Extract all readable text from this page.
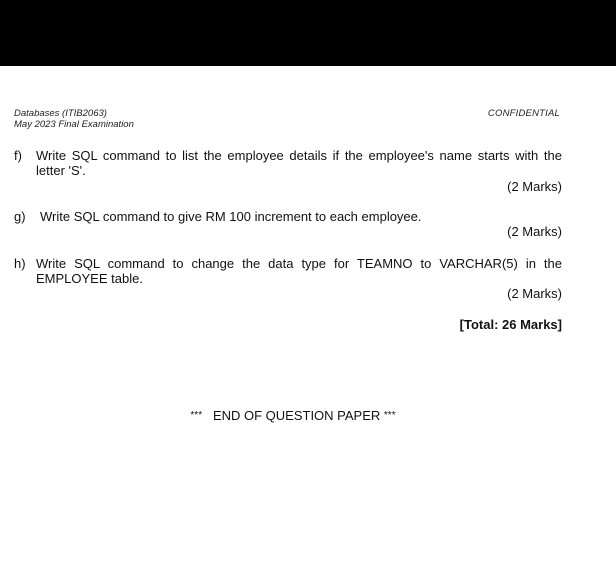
Databases (ITIB2063)
May 2023 Final Examination
CONFIDENTIAL
f) Write SQL command to list the employee details if the employee's name starts with the letter 'S'.
(2 Marks)
g) Write SQL command to give RM 100 increment to each employee.
(2 Marks)
h) Write SQL command to change the data type for TEAMNO to VARCHAR(5) in the EMPLOYEE table.
(2 Marks)
[Total: 26 Marks]
*** END OF QUESTION PAPER ***
